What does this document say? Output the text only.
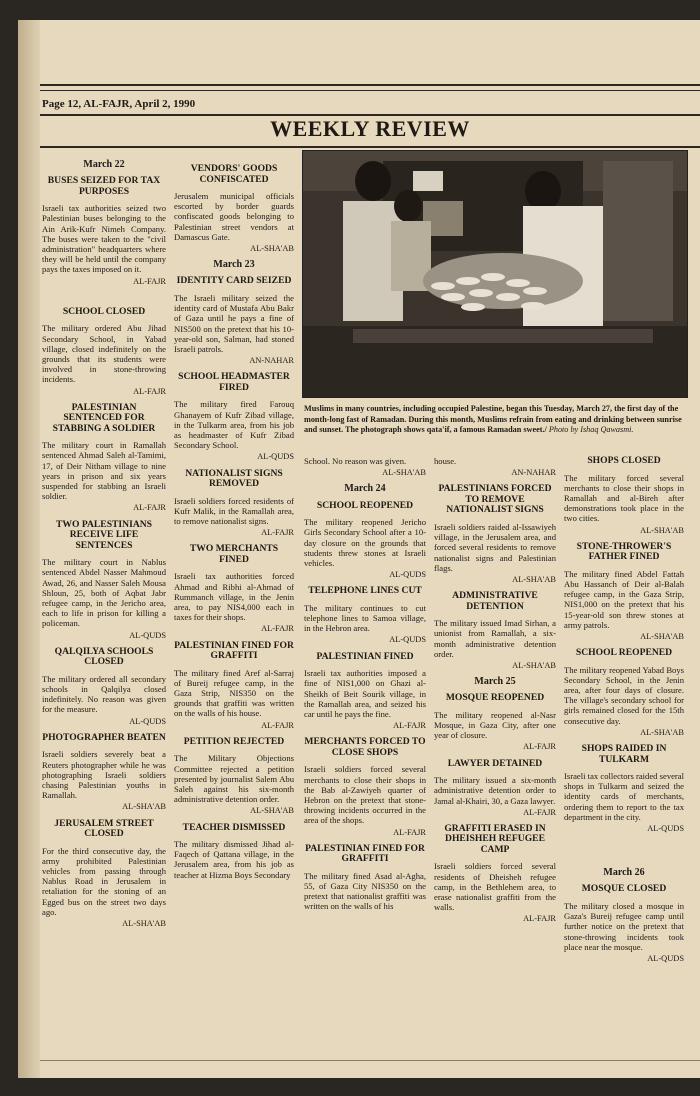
Page 12, AL-FAJR, April 2, 1990
WEEKLY REVIEW
Muslims in many countries, including occupied Palestine, began this Tuesday, March 27, the first day of the month-long fast of Ramadan. During this month, Muslims refrain from eating and drinking between sunrise and sunset. The photograph shows qata'if, a famous Ramadan sweet./ Photo by Ishaq Qawasmi.
March 22
BUSES SEIZED FOR TAX PURPOSES

Israeli tax authorities seized two Palestinian buses belonging to the Ain Arik-Kufr Nimeh Company. The buses were taken to the "civil administration" headquarters where they will be held until the company pays the taxes imposed on it.

AL-FAJR
SCHOOL CLOSED

The military ordered Abu Jihad Secondary School, in Yabad village, closed indefinitely on the grounds that its students were involved in stone-throwing incidents.

AL-FAJR
PALESTINIAN SENTENCED FOR STABBING A SOLDIER

The military court in Ramallah sentenced Ahmad Saleh al-Tamimi, 17, of Deir Nitham village to nine years in prison and six years suspended for stabbing an Israeli soldier.

AL-FAJR
TWO PALESTINIANS RECEIVE LIFE SENTENCES

The military court in Nablus sentenced Abdel Nasser Mahmoud Awad, 26, and Nasser Saleh Mousa Shloun, 25, both of Aqbat Jabr refugee camp, in the Jericho area, each to life in prison for killing a policeman.

AL-QUDS
QALQILYA SCHOOLS CLOSED

The military ordered all secondary schools in Qalqilya closed indefinitely. No reason was given for the measure.

AL-QUDS
PHOTOGRAPHER BEATEN

Israeli soldiers severely beat a Reuters photographer while he was photographing Israeli soldiers chasing Palestinian youths in Ramallah.

AL-SHA'AB
JERUSALEM STREET CLOSED

For the third consecutive day, the army prohibited Palestinian vehicles from passing through Nablus Road in Jerusalem in retaliation for the stoning of an Egged bus on the street two days ago.

AL-SHA'AB
VENDORS' GOODS CONFISCATED

Jerusalem municipal officials escorted by border guards confiscated goods belonging to Palestinian street vendors at Damascus Gate.

AL-SHA'AB
March 23
IDENTITY CARD SEIZED

The Israeli military seized the identity card of Mustafa Abu Bakr of Gaza until he pays a fine of NIS500 on the pretext that his 10-year-old son, Salman, had stoned Israeli patrols.

AN-NAHAR
SCHOOL HEADMASTER FIRED

The military fired Farouq Ghanayem of Kufr Zibad village, in the Tulkarm area, from his job as headmaster of Kufr Zibad Secondary School.

AL-QUDS
NATIONALIST SIGNS REMOVED

Israeli soldiers forced residents of Kufr Malik, in the Ramallah area, to remove nationalist signs.

AL-FAJR
TWO MERCHANTS FINED

Israeli tax authorities forced Ahmad and Ribhi al-Ahmad of Rummanch village, in the Jenin area, to pay NIS4,000 each in taxes for their shops.

AL-FAJR
PALESTINIAN FINED FOR GRAFFITI

The military fined Aref al-Sarraj of Bureij refugee camp, in the Gaza Strip, NIS350 on the grounds that graffiti was written on the walls of his house.

AL-FAJR
PETITION REJECTED

The Military Objections Committee rejected a petition presented by journalist Salem Abu Saleh against his six-month administrative detention order.

AL-SHA'AB
TEACHER DISMISSED

The military dismissed Jihad al-Faqech of Qattana village, in the Jerusalem area, from his job as teacher at Hizma Boys Secondary

School. No reason was given.

AL-SHA'AB
March 24
SCHOOL REOPENED

The military reopened Jericho Girls Secondary School after a 10-day closure on the grounds that students threw stones at Israeli vehicles.

AL-QUDS
TELEPHONE LINES CUT

The military continues to cut telephone lines to Samoa village, in the Hebron area.

AL-QUDS
PALESTINIAN FINED

Israeli tax authorities imposed a fine of NIS1,000 on Ghazi al-Sheikh of Beit Sourik village, in the Ramallah area, and seized his car until he pays the fine.

AL-FAJR
MERCHANTS FORCED TO CLOSE SHOPS

Israeli soldiers forced several merchants to close their shops in the Bab al-Zawiyeh quarter of Hebron on the pretext that stone-throwing incidents occurred in the area of the shops.

AL-FAJR
PALESTINIAN FINED FOR GRAFFITI

The military fined Asad al-Agha, 55, of Gaza City NIS350 on the pretext that nationalist graffiti was written on the walls of his

house.

AN-NAHAR
PALESTINIANS FORCED TO REMOVE NATIONALIST SIGNS

Israeli soldiers raided al-Issawiyeh village, in the Jerusalem area, and forced several residents to remove nationalist signs and Palestinian flags.

AL-SHA'AB
ADMINISTRATIVE DETENTION

The military issued Imad Sirhan, a unionist from Ramallah, a six-month administrative detention order.

AL-SHA'AB
March 25
MOSQUE REOPENED

The military reopened al-Nasr Mosque, in Gaza City, after one year of closure.

AL-FAJR
LAWYER DETAINED

The military issued a six-month administrative detention order to Jamal al-Khairi, 30, a Gaza lawyer.

AL-FAJR
GRAFFITI ERASED IN DHEISHEH REFUGEE CAMP

Israeli soldiers forced several residents of Dheisheh refugee camp, in the Bethlehem area, to erase nationalist graffiti from the walls.

AL-FAJR
SHOPS CLOSED

The military forced several merchants to close their shops in Ramallah and al-Bireh after demonstrations took place in the two cities.

AL-SHA'AB
STONE-THROWER'S FATHER FINED

The military fined Abdel Fattah Abu Hassanch of Deir al-Balah refugee camp, in the Gaza Strip, NIS1,000 on the pretext that his 15-year-old son threw stones at army patrols.

AL-SHA'AB
SCHOOL REOPENED

The military reopened Yabad Boys Secondary School, in the Jenin area, after four days of closure. The village's secondary school for girls remained closed for the 15th consecutive day.

AL-SHA'AB
SHOPS RAIDED IN TULKARM

Israeli tax collectors raided several shops in Tulkarm and seized the identity cards of merchants, ordering them to report to the tax department in the city.

AL-QUDS
March 26
MOSQUE CLOSED

The military closed a mosque in Gaza's Bureij refugee camp until further notice on the pretext that stone-throwing incidents took place near the mosque.

AL-QUDS
